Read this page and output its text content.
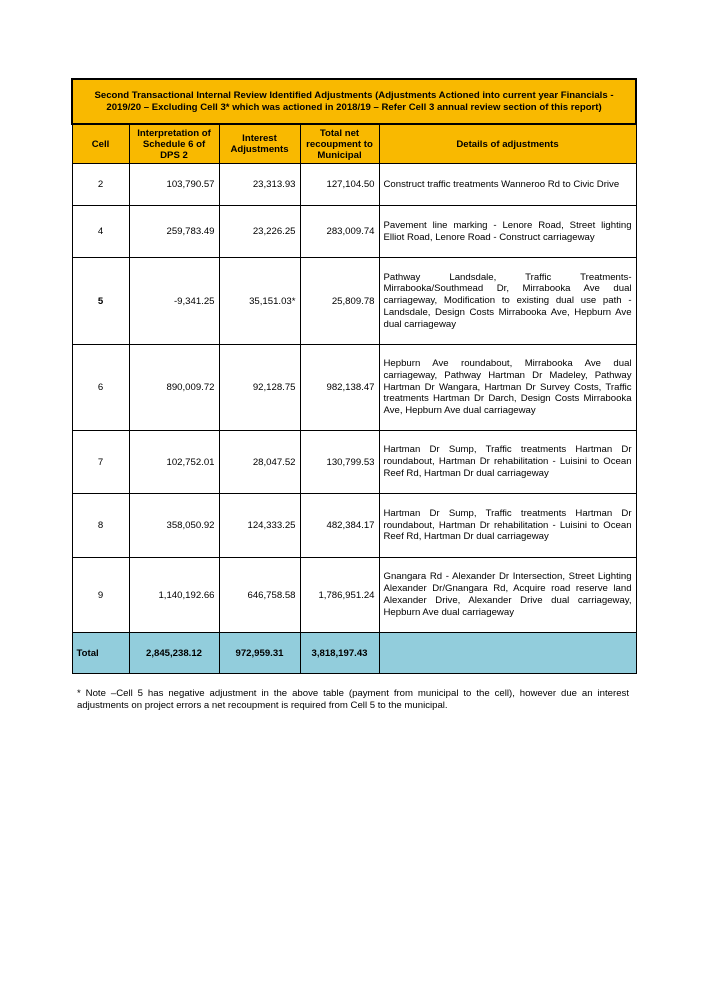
Second Transactional Internal Review Identified Adjustments (Adjustments Actioned into current year Financials - 2019/20 – Excluding Cell 3* which was actioned in 2018/19 – Refer Cell 3 annual review section of this report)				
Cell	Interpretation of Schedule 6 of DPS 2	Interest Adjustments	Total net recoupment to Municipal	Details of adjustments
2	103,790.57	23,313.93	127,104.50	Construct traffic treatments Wanneroo Rd to Civic Drive
4	259,783.49	23,226.25	283,009.74	Pavement line marking - Lenore Road, Street lighting Elliot Road, Lenore Road - Construct carriageway
5	-9,341.25	35,151.03*	25,809.78	Pathway Landsdale, Traffic Treatments-Mirrabooka/Southmead Dr, Mirrabooka Ave dual carriageway, Modification to existing dual use path - Landsdale, Design Costs Mirrabooka Ave, Hepburn Ave dual carriageway
6	890,009.72	92,128.75	982,138.47	Hepburn Ave roundabout, Mirrabooka Ave dual carriageway, Pathway Hartman Dr Madeley, Pathway Hartman Dr Wangara, Hartman Dr Survey Costs, Traffic treatments Hartman Dr Darch, Design Costs Mirrabooka Ave, Hepburn Ave dual carriageway
7	102,752.01	28,047.52	130,799.53	Hartman Dr Sump, Traffic treatments Hartman Dr roundabout, Hartman Dr rehabilitation - Luisini to Ocean Reef Rd, Hartman Dr dual carriageway
8	358,050.92	124,333.25	482,384.17	Hartman Dr Sump, Traffic treatments Hartman Dr roundabout, Hartman Dr rehabilitation - Luisini to Ocean Reef Rd, Hartman Dr dual carriageway
9	1,140,192.66	646,758.58	1,786,951.24	Gnangara Rd - Alexander Dr Intersection, Street Lighting Alexander Dr/Gnangara Rd, Acquire road reserve land Alexander Drive, Alexander Drive dual carriageway, Hepburn Ave dual carriageway
Total	2,845,238.12	972,959.31	3,818,197.43	
* Note –Cell 5 has negative adjustment in the above table (payment from municipal to the cell), however due an interest adjustments on project errors a net recoupment is required from Cell 5 to the municipal.
